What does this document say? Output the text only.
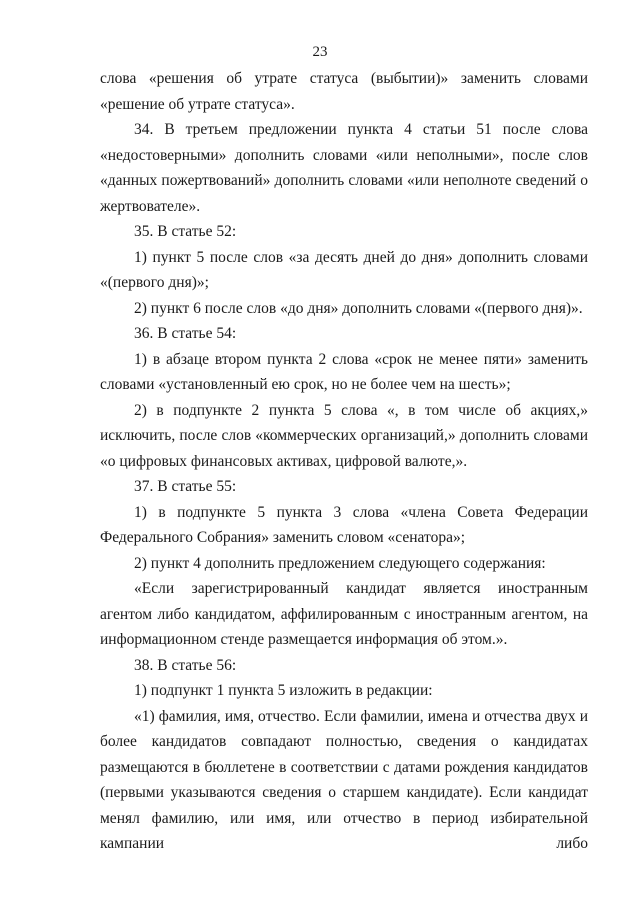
23

слова «решения об утрате статуса (выбытии)» заменить словами «решение об утрате статуса».

34. В третьем предложении пункта 4 статьи 51 после слова «недостоверными» дополнить словами «или неполными», после слов «данных пожертвований» дополнить словами «или неполноте сведений о жертвователе».

35. В статье 52:

1) пункт 5 после слов «за десять дней до дня» дополнить словами «(первого дня)»;

2) пункт 6 после слов «до дня» дополнить словами «(первого дня)».

36. В статье 54:

1) в абзаце втором пункта 2 слова «срок не менее пяти» заменить словами «установленный ею срок, но не более чем на шесть»;

2) в подпункте 2 пункта 5 слова «, в том числе об акциях,» исключить, после слов «коммерческих организаций,» дополнить словами «о цифровых финансовых активах, цифровой валюте,».

37. В статье 55:

1) в подпункте 5 пункта 3 слова «члена Совета Федерации Федерального Собрания» заменить словом «сенатора»;

2) пункт 4 дополнить предложением следующего содержания:

«Если зарегистрированный кандидат является иностранным агентом либо кандидатом, аффилированным с иностранным агентом, на информационном стенде размещается информация об этом.».

38. В статье 56:

1) подпункт 1 пункта 5 изложить в редакции:

«1) фамилия, имя, отчество. Если фамилии, имена и отчества двух и более кандидатов совпадают полностью, сведения о кандидатах размещаются в бюллетене в соответствии с датами рождения кандидатов (первыми указываются сведения о старшем кандидате). Если кандидат менял фамилию, или имя, или отчество в период избирательной кампании либо
